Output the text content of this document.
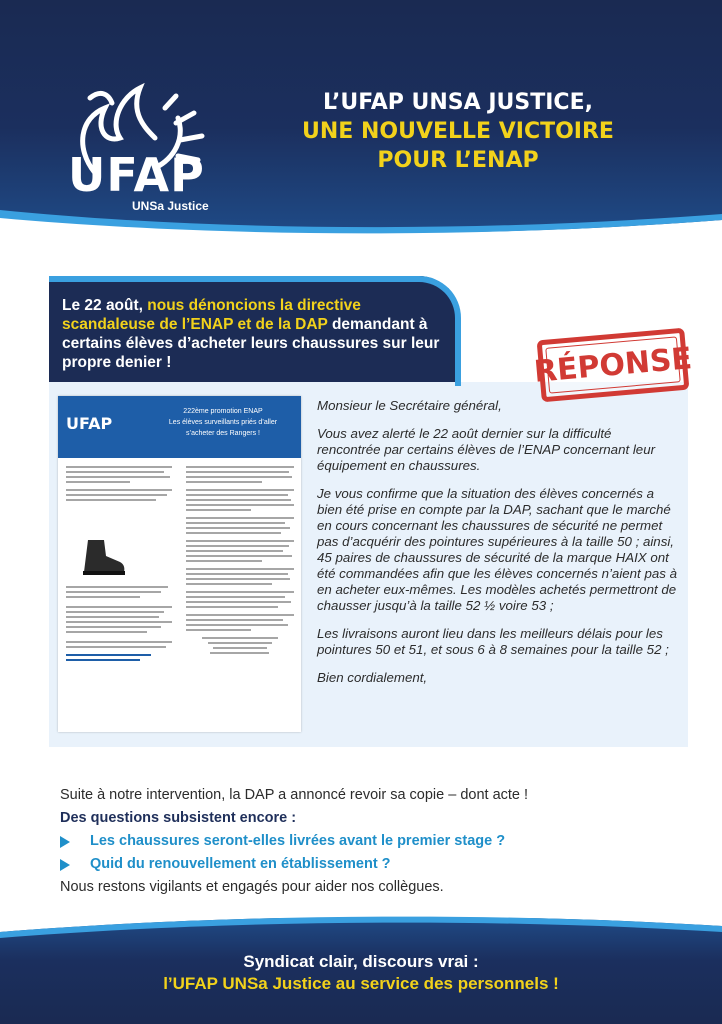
UFAP
UNSa Justice
L’UFAP UNSA JUSTICE,
UNE NOUVELLE VICTOIRE
POUR L’ENAP
Le 22 août, nous dénoncions la directive scandaleuse de l’ENAP et de la DAP demandant à certains élèves d’acheter leurs chaussures sur leur propre denier !	RÉPONSE
UFAP
222ème promotion ENAP
Les élèves surveillants priés d’aller
s’acheter des Rangers !

Monsieur le Secrétaire général,

Vous avez alerté le 22 août dernier sur la difficulté rencontrée par certains élèves de l’ENAP concernant leur équipement en chaussures.

Je vous confirme que la situation des élèves concernés a bien été prise en compte par la DAP, sachant que le marché en cours concernant les chaussures de sécurité ne permet pas d’acquérir des pointures supérieures à la taille 50 ; ainsi, 45 paires de chaussures de sécurité de la marque HAIX ont été commandées afin que les élèves concernés n’aient pas à en acheter eux-mêmes. Les modèles achetés permettront de chausser jusqu’à la taille 52 ½ voire 53 ;

Les livraisons auront lieu dans les meilleurs délais pour les pointures 50 et 51, et sous 6 à 8 semaines pour la taille 52 ;

Bien cordialement,

Suite à notre intervention, la DAP a annoncé revoir sa copie – dont acte !
Des questions subsistent encore :
Les chaussures seront-elles livrées avant le premier stage ?
Quid du renouvellement en établissement ?
Nous restons vigilants et engagés pour aider nos collègues.
Syndicat clair, discours vrai :
l’UFAP UNSa Justice au service des personnels !
